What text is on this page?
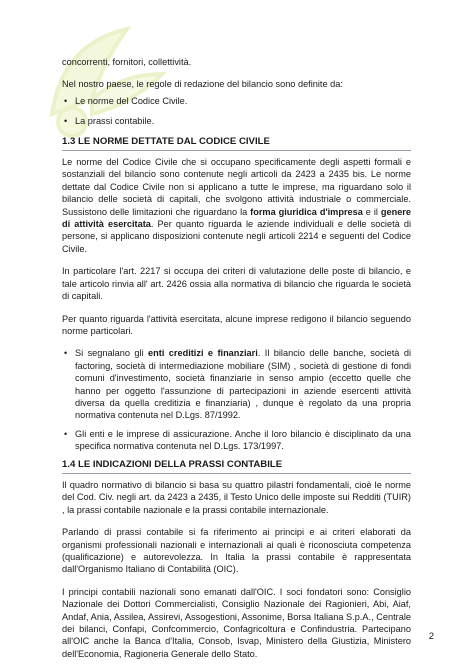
concorrenti, fornitori, collettività.

Nel nostro paese, le regole di redazione del bilancio sono definite da:

• Le norme del Codice Civile.
• La prassi contabile.
1.3 LE NORME DETTATE DAL CODICE CIVILE

Le norme del Codice Civile che si occupano specificamente degli aspetti formali e sostanziali del bilancio sono contenute negli articoli da 2423 a 2435 bis. Le norme dettate dal Codice Civile non si applicano a tutte le imprese, ma riguardano solo il bilancio delle società di capitali, che svolgono attività industriale o commerciale. Sussistono delle limitazioni che riguardano la forma giuridica d'impresa e il genere di attività esercitata. Per quanto riguarda le aziende individuali e delle società di persone, si applicano disposizioni contenute negli articoli 2214 e seguenti del Codice Civile.

In particolare l'art. 2217 si occupa dei criteri di valutazione delle poste di bilancio, e tale articolo rinvia all' art. 2426 ossia alla normativa di bilancio che riguarda le società di capitali.

Per quanto riguarda l'attività esercitata, alcune imprese redigono il bilancio seguendo norme particolari.

• Si segnalano gli enti creditizi e finanziari. Il bilancio delle banche, società di factoring, società di intermediazione mobiliare (SIM) , società di gestione di fondi comuni d'investimento, società finanziarie in senso ampio (eccetto quelle che hanno per oggetto l'assunzione di partecipazioni in aziende esercenti attività diversa da quella creditizia e finanziaria) , dunque è regolato da una propria normativa contenuta nel D.Lgs. 87/1992.
• Gli enti e le imprese di assicurazione. Anche il loro bilancio è disciplinato da una specifica normativa contenuta nel D.Lgs. 173/1997.
1.4 LE INDICAZIONI DELLA PRASSI CONTABILE

Il quadro normativo di bilancio si basa su quattro pilastri fondamentali, cioè le norme del Cod. Civ. negli art. da 2423 a 2435, il Testo Unico delle imposte sui Redditi (TUIR) , la prassi contabile nazionale e la prassi contabile internazionale.

Parlando di prassi contabile si fa riferimento ai principi e ai criteri elaborati da organismi professionali nazionali e internazionali ai quali è riconosciuta competenza (qualificazione) e autorevolezza. In Italia la prassi contabile è rappresentata dall'Organismo Italiano di Contabilità (OIC).

I principi contabili nazionali sono emanati dall'OIC. I soci fondatori sono: Consiglio Nazionale dei Dottori Commercialisti, Consiglio Nazionale dei Ragionieri, Abi, Aiaf, Andaf, Ania, Assilea, Assirevi, Assogestioni, Assonime, Borsa Italiana S.p.A., Centrale dei bilanci, Confapi, Confcommercio, Confagricoltura e Confindustria. Partecipano all'OIC anche la Banca d'Italia, Consob, Isvap, Ministero della Giustizia, Ministero dell'Economia, Ragioneria Generale dello Stato.

2
